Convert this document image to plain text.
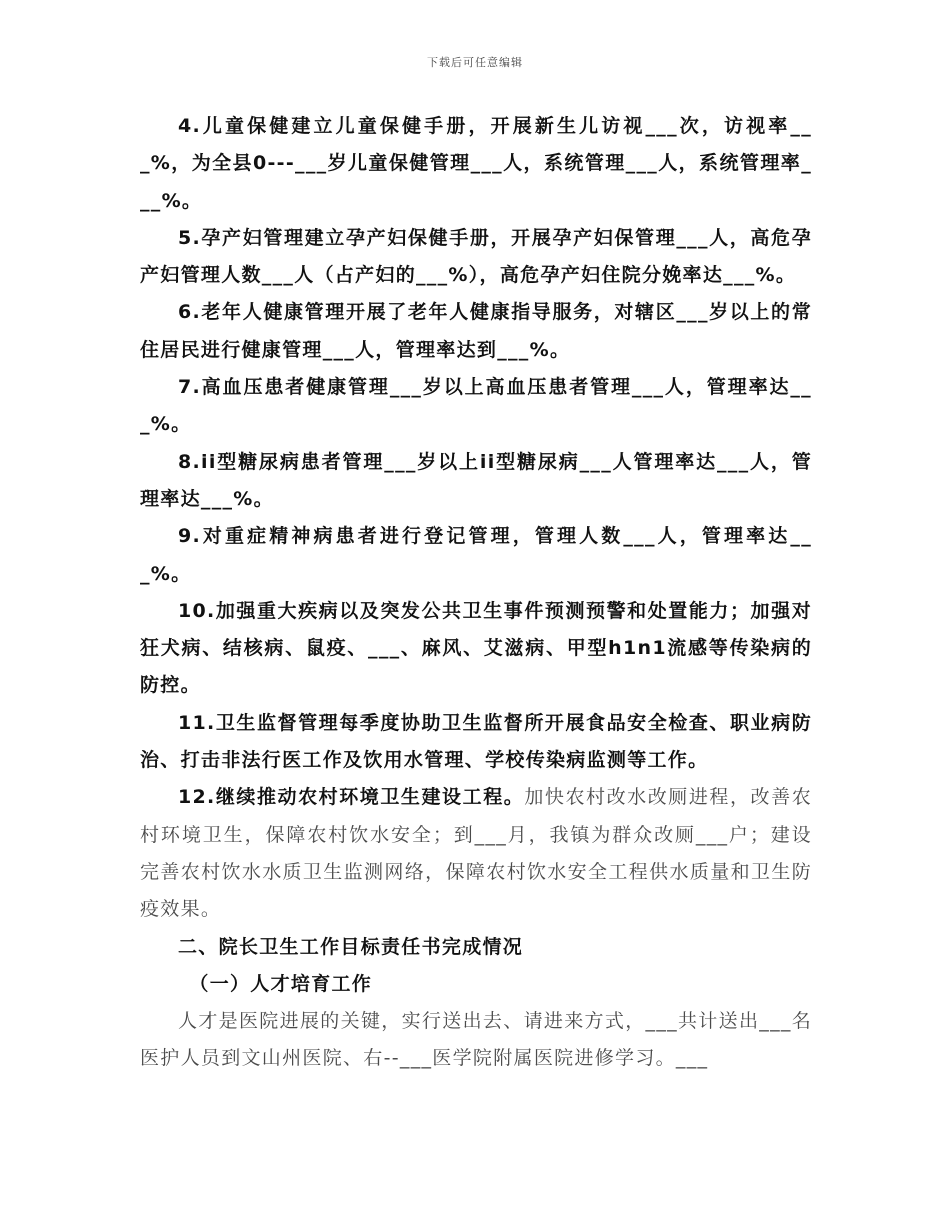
下载后可任意编辑

4.儿童保健建立儿童保健手册，开展新生儿访视___次，访视率___%，为全县0---___岁儿童保健管理___人，系统管理___人，系统管理率___%。

5.孕产妇管理建立孕产妇保健手册，开展孕产妇保管理___人，高危孕产妇管理人数___人（占产妇的___%），高危孕产妇住院分娩率达___%。

6.老年人健康管理开展了老年人健康指导服务，对辖区___岁以上的常住居民进行健康管理___人，管理率达到___%。

7.高血压患者健康管理___岁以上高血压患者管理___人，管理率达___%。

8.ii型糖尿病患者管理___岁以上ii型糖尿病___人管理率达___人，管理率达___%。

9.对重症精神病患者进行登记管理，管理人数___人，管理率达___%。

10.加强重大疾病以及突发公共卫生事件预测预警和处置能力；加强对狂犬病、结核病、鼠疫、___、麻风、艾滋病、甲型h1n1流感等传染病的防控。

11.卫生监督管理每季度协助卫生监督所开展食品安全检查、职业病防治、打击非法行医工作及饮用水管理、学校传染病监测等工作。

12.继续推动农村环境卫生建设工程。加快农村改水改厕进程，改善农村环境卫生，保障农村饮水安全；到___月，我镇为群众改厕___户；建设完善农村饮水水质卫生监测网络，保障农村饮水安全工程供水质量和卫生防疫效果。

二、院长卫生工作目标责任书完成情况

（一）人才培育工作

人才是医院进展的关键，实行送出去、请进来方式，___共计送出___名医护人员到文山州医院、右--___医学院附属医院进修学习。___
